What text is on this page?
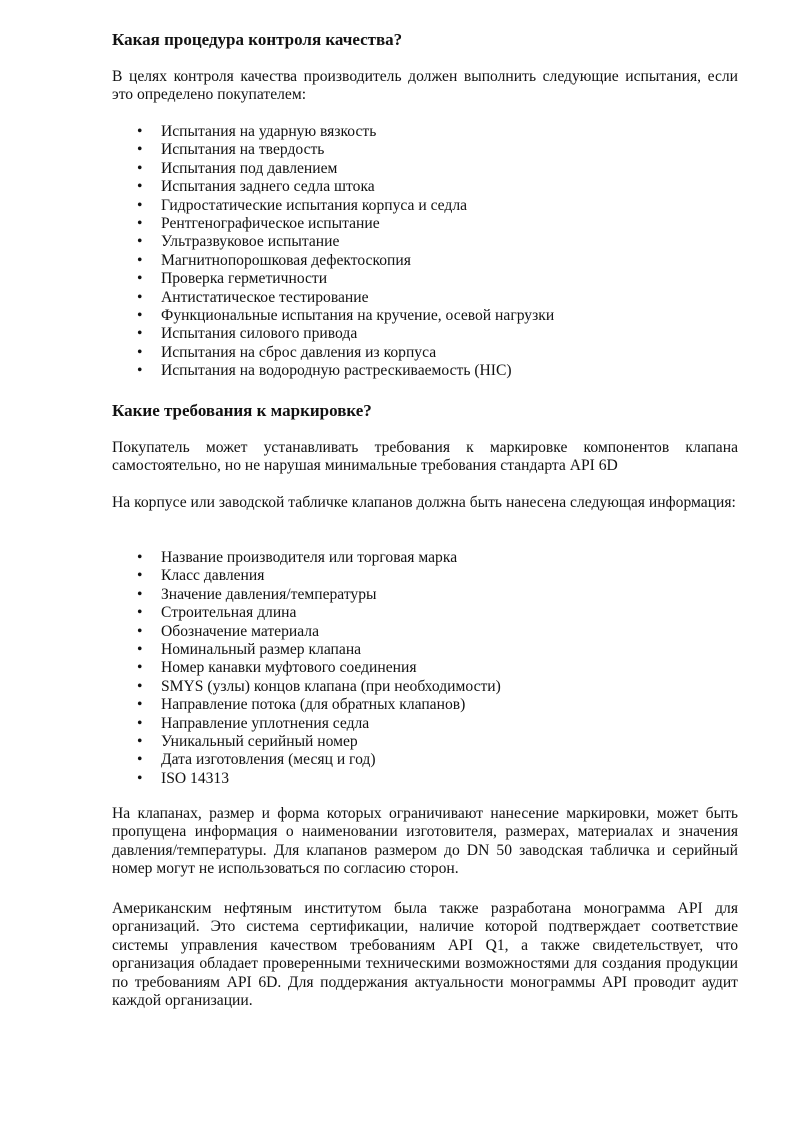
Какая процедура контроля качества?

В целях контроля качества производитель должен выполнить следующие испытания, если это определено покупателем:

• Испытания на ударную вязкость
• Испытания на твердость
• Испытания под давлением
• Испытания заднего седла штока
• Гидростатические испытания корпуса и седла
• Рентгенографическое испытание
• Ультразвуковое испытание
• Магнитнопорошковая дефектоскопия
• Проверка герметичности
• Антистатическое тестирование
• Функциональные испытания на кручение, осевой нагрузки
• Испытания силового привода
• Испытания на сброс давления из корпуса
• Испытания на водородную растрескиваемость (HIC)
Какие требования к маркировке?

Покупатель может устанавливать требования к маркировке компонентов клапана самостоятельно, но не нарушая минимальные требования стандарта API 6D

На корпусе или заводской табличке клапанов должна быть нанесена следующая информация:

• Название производителя или торговая марка
• Класс давления
• Значение давления/температуры
• Строительная длина
• Обозначение материала
• Номинальный размер клапана
• Номер канавки муфтового соединения
• SMYS (узлы) концов клапана (при необходимости)
• Направление потока (для обратных клапанов)
• Направление уплотнения седла
• Уникальный серийный номер
• Дата изготовления (месяц и год)
• ISO 14313

На клапанах, размер и форма которых ограничивают нанесение маркировки, может быть пропущена информация о наименовании изготовителя, размерах, материалах и значения давления/температуры. Для клапанов размером до DN 50 заводская табличка и серийный номер могут не использоваться по согласию сторон.

Американским нефтяным институтом была также разработана монограмма API для организаций. Это система сертификации, наличие которой подтверждает соответствие системы управления качеством требованиям API Q1, а также свидетельствует, что организация обладает проверенными техническими возможностями для создания продукции по требованиям API 6D. Для поддержания актуальности монограммы API проводит аудит каждой организации.
